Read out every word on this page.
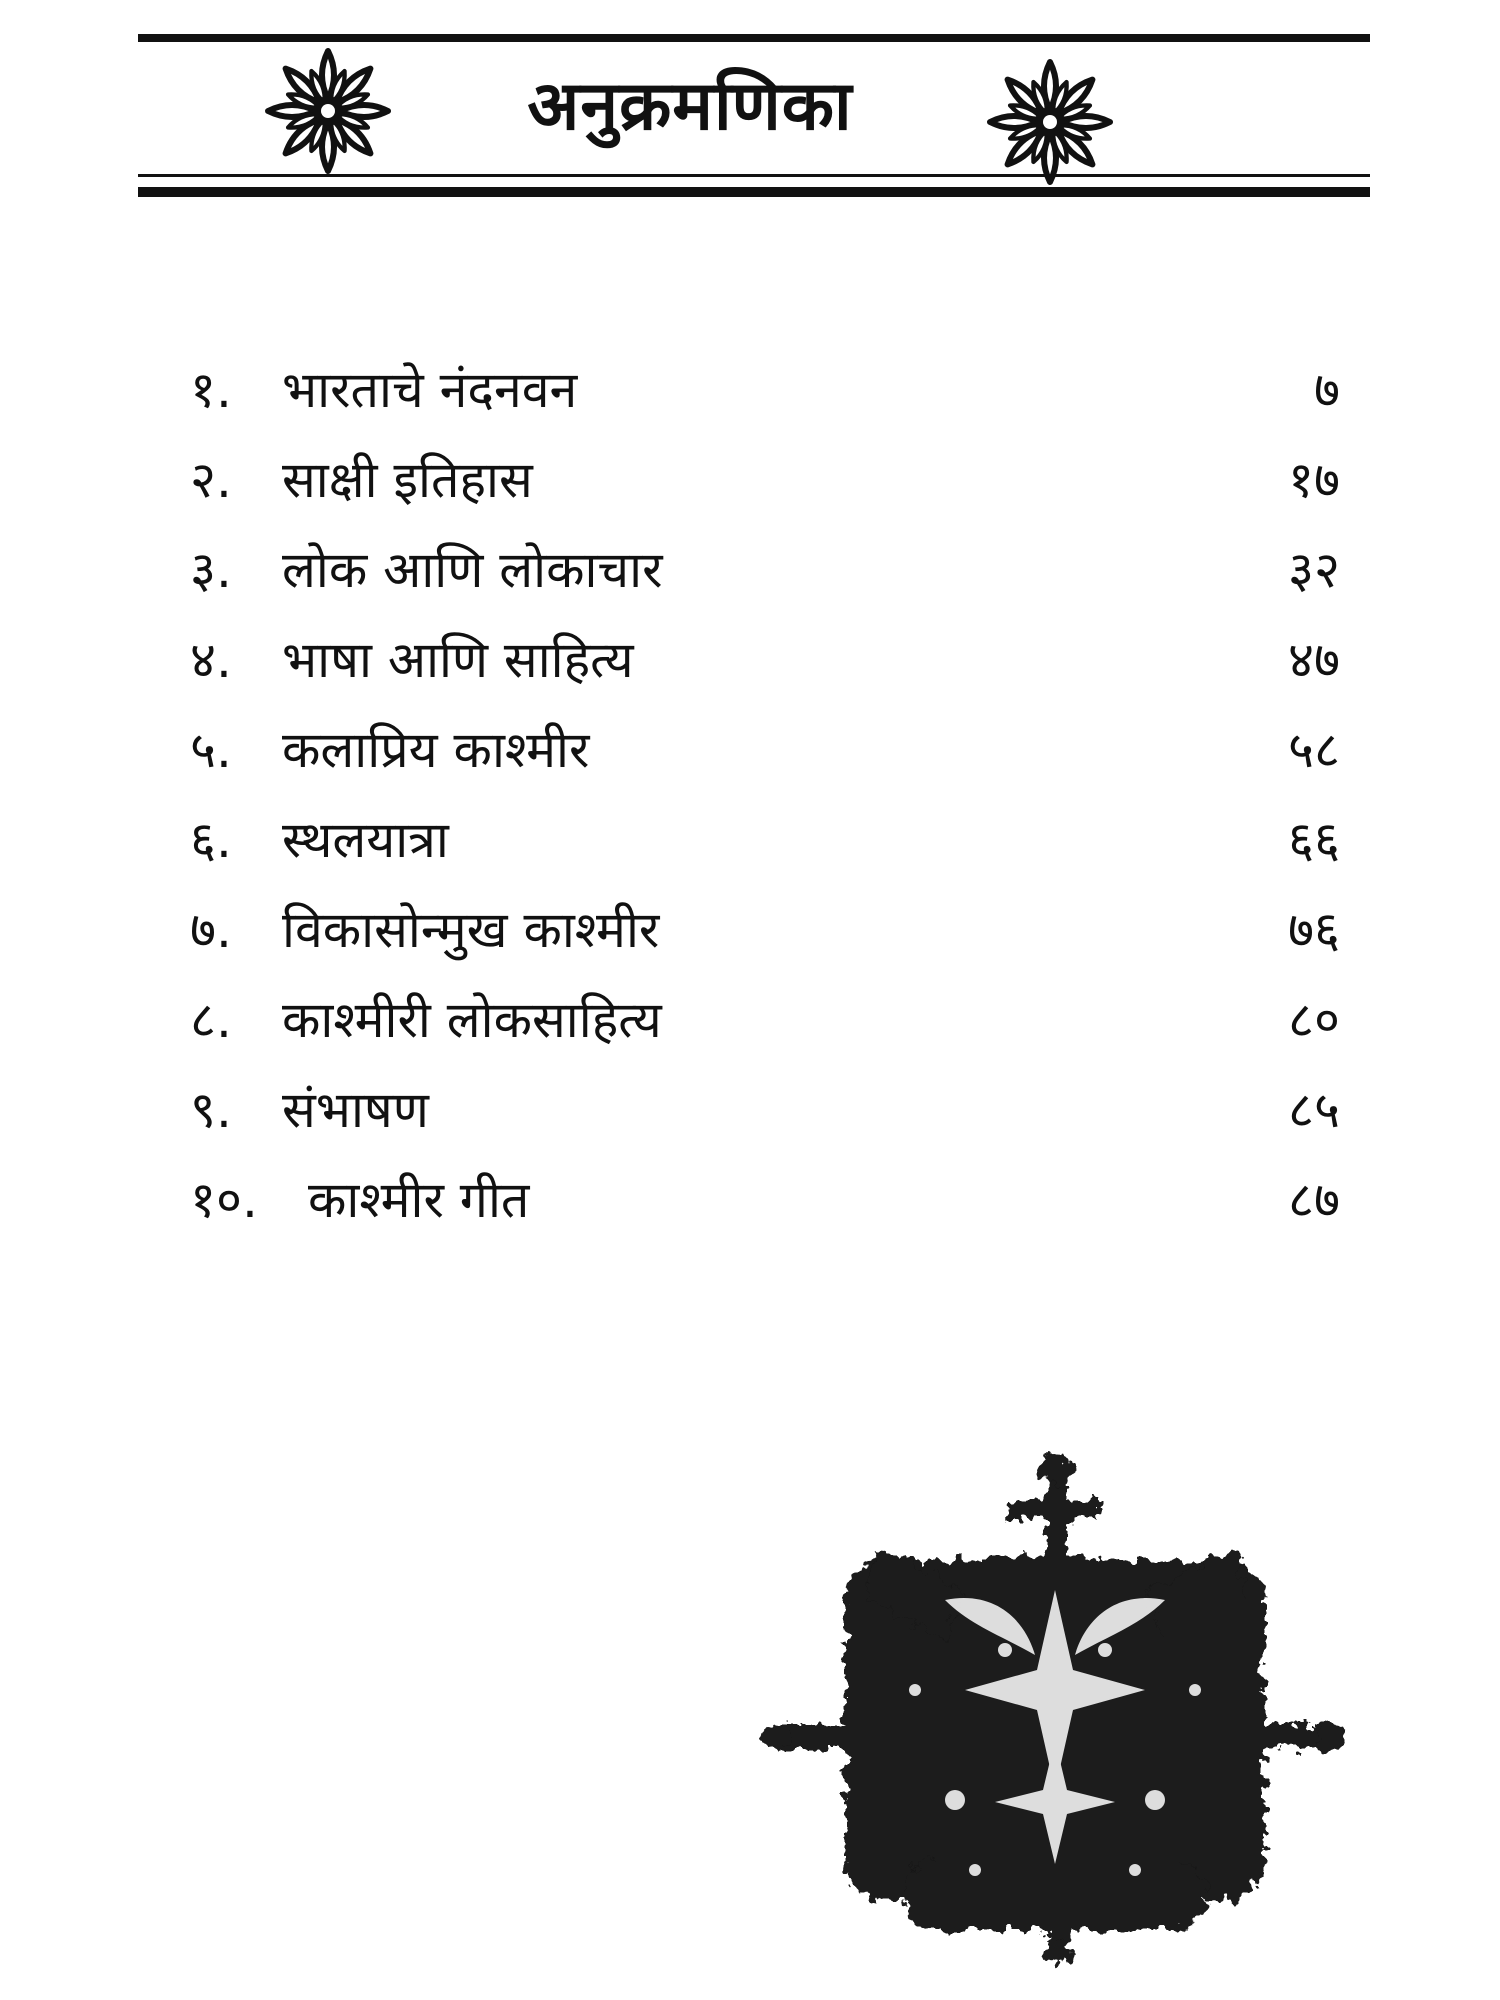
अनुक्रमणिका
१. भारताचे नंदनवन	७
२. साक्षी इतिहास	१७
३. लोक आणि लोकाचार	३२
४. भाषा आणि साहित्य	४७
५. कलाप्रिय काश्मीर	५८
६. स्थलयात्रा	६६
७. विकासोन्मुख काश्मीर	७६
८. काश्मीरी लोकसाहित्य	८०
९. संभाषण	८५
१०. काश्मीर गीत	८७
